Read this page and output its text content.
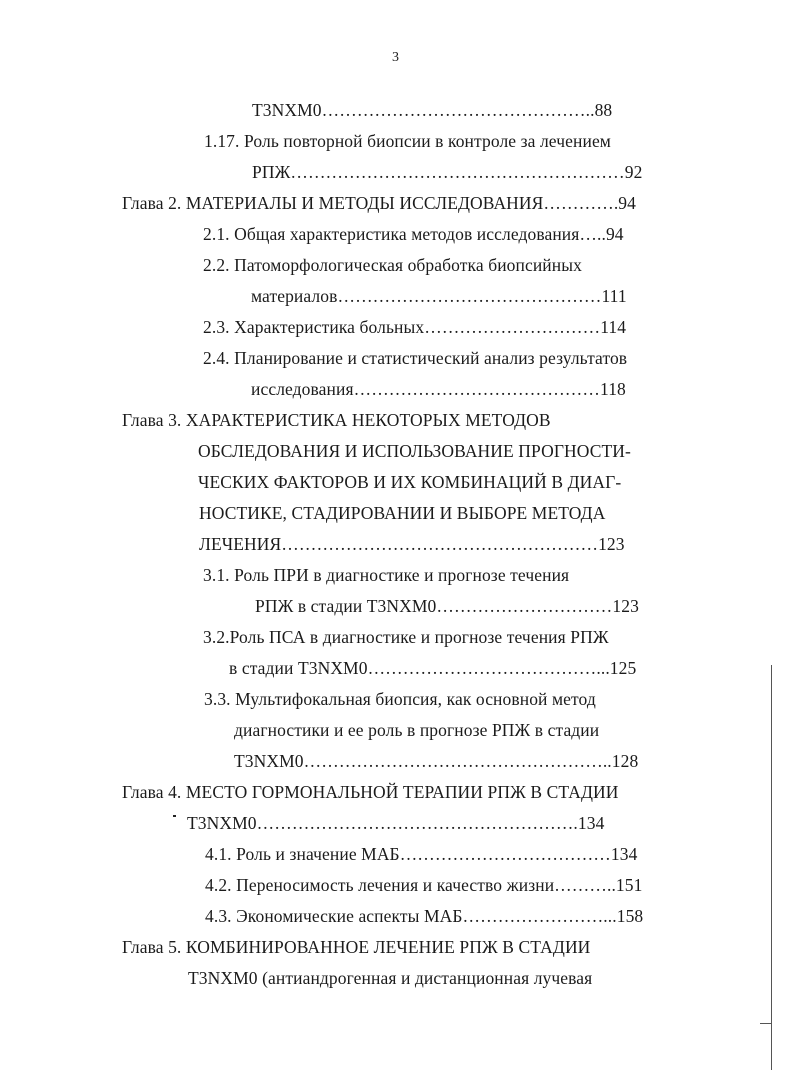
3
Т3NХМ0………………………………………..88
1.17. Роль повторной биопсии в контроле за лечением
РПЖ…………………………………………………92
Глава 2. МАТЕРИАЛЫ И МЕТОДЫ ИССЛЕДОВАНИЯ………….94
2.1. Общая характеристика методов исследования…..94
2.2. Патоморфологическая обработка биопсийных
материалов………………………………………111
2.3. Характеристика больных…………………………114
2.4. Планирование и статистический анализ результатов
исследования……………………………………118
Глава 3. ХАРАКТЕРИСТИКА НЕКОТОРЫХ МЕТОДОВ
ОБСЛЕДОВАНИЯ И ИСПОЛЬЗОВАНИЕ ПРОГНОСТИ-
ЧЕСКИХ ФАКТОРОВ И ИХ КОМБИНАЦИЙ В ДИАГ-
НОСТИКЕ, СТАДИРОВАНИИ И ВЫБОРЕ МЕТОДА
ЛЕЧЕНИЯ………………………………………………123
3.1. Роль ПРИ в диагностике и прогнозе течения
РПЖ в стадии Т3NХМ0…………………………123
3.2.Роль ПСА в диагностике и прогнозе течения РПЖ
в стадии Т3NХМ0…………………………………...125
3.3. Мультифокальная биопсия, как основной метод
диагностики и ее роль в прогнозе РПЖ в стадии
Т3NХМ0……………………………………………..128
Глава 4. МЕСТО ГОРМОНАЛЬНОЙ ТЕРАПИИ РПЖ В СТАДИИ
Т3NХМ0……………………………………………….134
4.1. Роль и значение МАБ………………………………134
4.2. Переносимость лечения и качество жизни………..151
4.3. Экономические аспекты МАБ……………………...158
Глава 5. КОМБИНИРОВАННОЕ ЛЕЧЕНИЕ РПЖ В СТАДИИ
Т3NХМ0 (антиандрогенная и дистанционная лучевая
